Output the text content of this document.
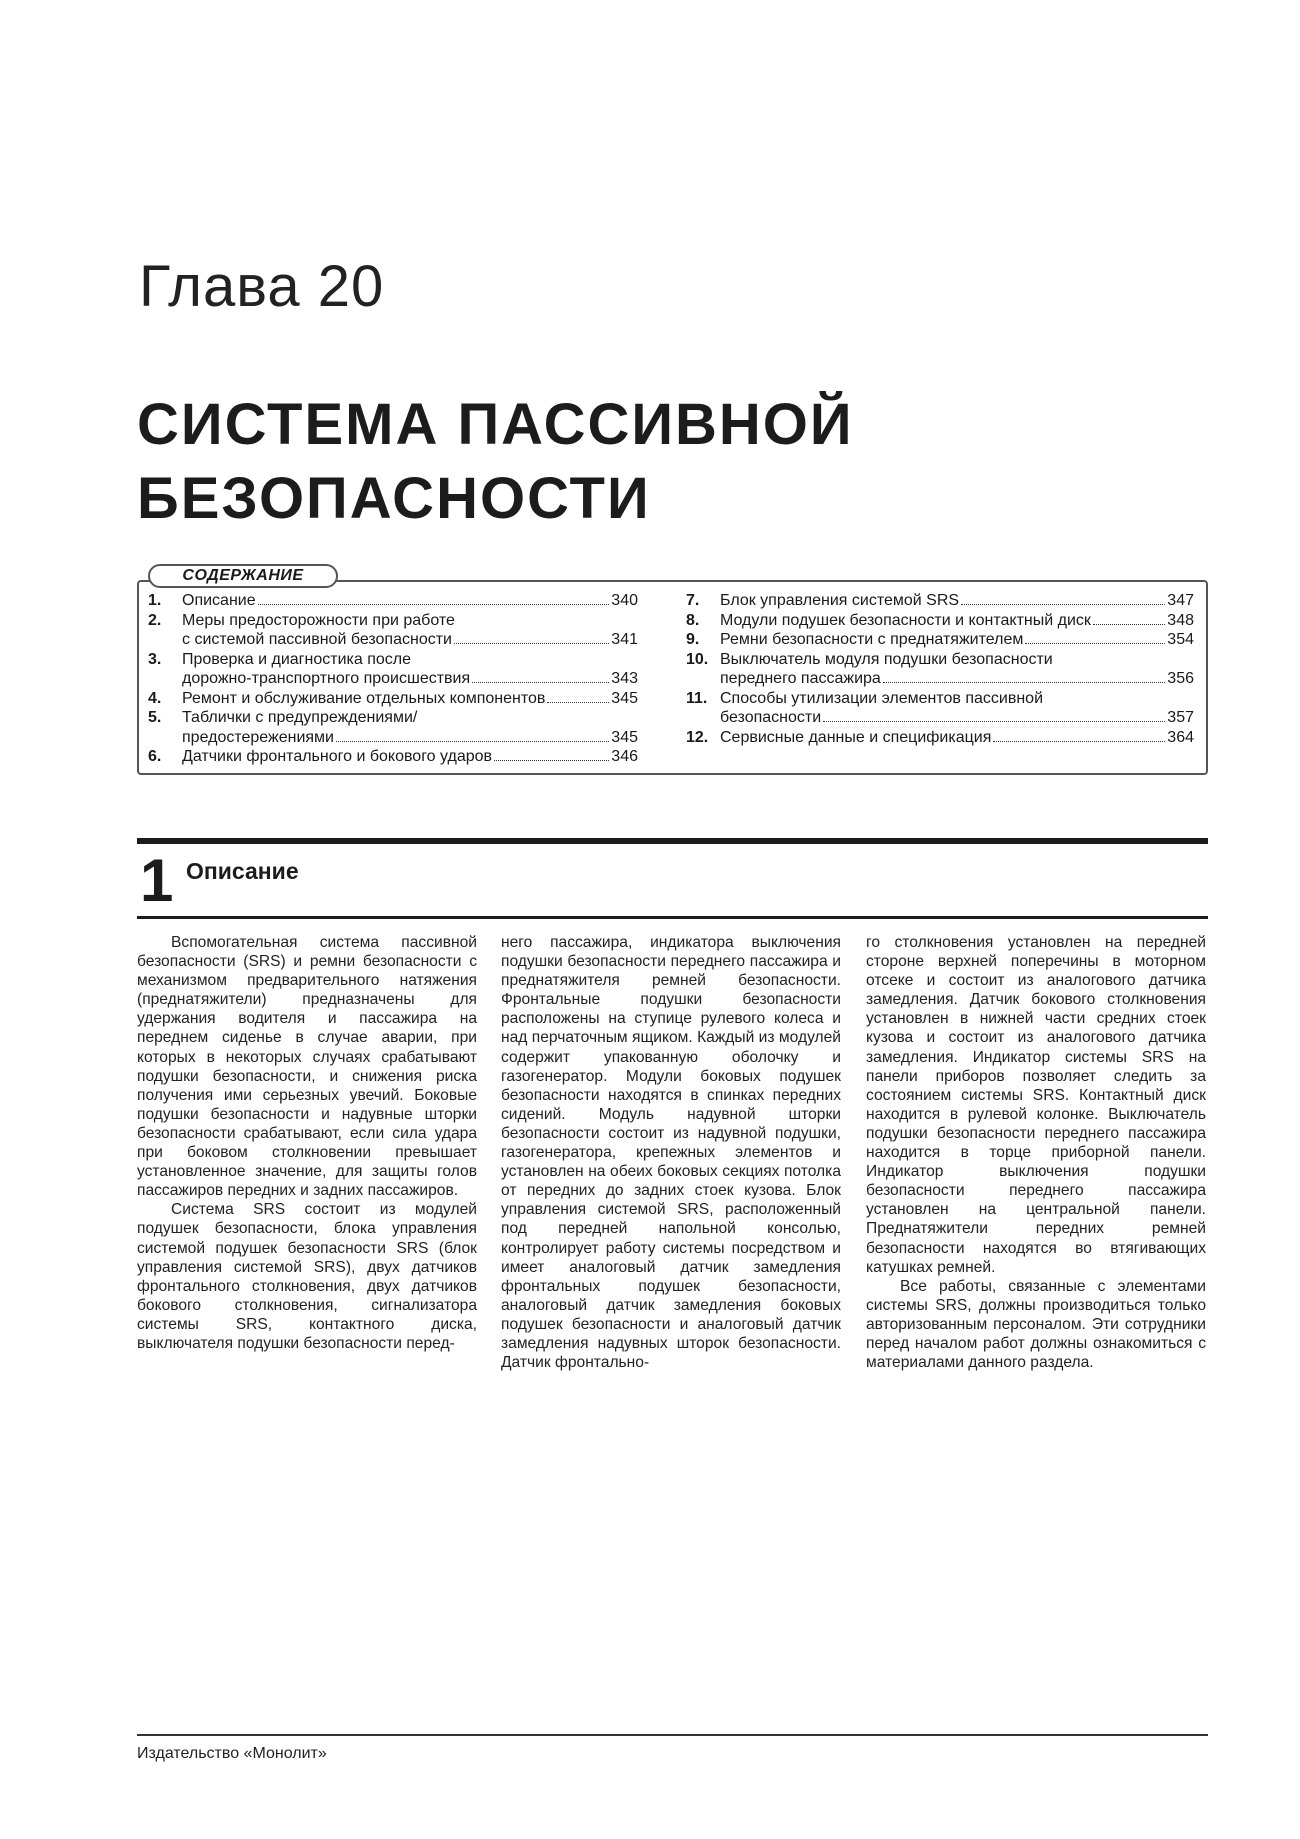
Глава 20
СИСТЕМА ПАССИВНОЙ
БЕЗОПАСНОСТИ
СОДЕРЖАНИЕ
1.	Описание	340
2.	Меры предосторожности при работе
с системой пассивной безопасности	341
3.	Проверка и диагностика после
дорожно-транспортного происшествия	343
4.	Ремонт и обслуживание отдельных компонентов	345
5.	Таблички с предупреждениями/
предостережениями	345
6.	Датчики фронтального и бокового ударов	346
7.	Блок управления системой SRS	347
8.	Модули подушек безопасности и контактный диск	348
9.	Ремни безопасности с преднатяжителем	354
10. Выключатель модуля подушки безопасности
переднего пассажира	356
11. Способы утилизации элементов пассивной
безопасности	357
12. Сервисные данные и спецификация	364
1 Описание

Вспомогательная система пассивной безопасности (SRS) и ремни безопасности с механизмом предварительного натяжения (преднатяжители) предназначены для удержания водителя и пассажира на переднем сиденье в случае аварии, при которых в некоторых случаях срабатывают подушки безопасности, и снижения риска получения ими серьезных увечий. Боковые подушки безопасности и надувные шторки безопасности срабатывают, если сила удара при боковом столкновении превышает установленное значение, для защиты голов пассажиров передних и задних пассажиров.

Система SRS состоит из модулей подушек безопасности, блока управления системой подушек безопасности SRS (блок управления системой SRS), двух датчиков фронтального столкновения, двух датчиков бокового столкновения, сигнализатора системы SRS, контактного диска, выключателя подушки безопасности перед-

него пассажира, индикатора выключения подушки безопасности переднего пассажира и преднатяжителя ремней безопасности. Фронтальные подушки безопасности расположены на ступице рулевого колеса и над перчаточным ящиком. Каждый из модулей содержит упакованную оболочку и газогенератор. Модули боковых подушек безопасности находятся в спинках передних сидений. Модуль надувной шторки безопасности состоит из надувной подушки, газогенератора, крепежных элементов и установлен на обеих боковых секциях потолка от передних до задних стоек кузова. Блок управления системой SRS, расположенный под передней напольной консолью, контролирует работу системы посредством и имеет аналоговый датчик замедления фронтальных подушек безопасности, аналоговый датчик замедления боковых подушек безопасности и аналоговый датчик замедления надувных шторок безопасности. Датчик фронтально-

го столкновения установлен на передней стороне верхней поперечины в моторном отсеке и состоит из аналогового датчика замедления. Датчик бокового столкновения установлен в нижней части средних стоек кузова и состоит из аналогового датчика замедления. Индикатор системы SRS на панели приборов позволяет следить за состоянием системы SRS. Контактный диск находится в рулевой колонке. Выключатель подушки безопасности переднего пассажира находится в торце приборной панели. Индикатор выключения подушки безопасности переднего пассажира установлен на центральной панели. Преднатяжители передних ремней безопасности находятся во втягивающих катушках ремней.

Все работы, связанные с элементами системы SRS, должны производиться только авторизованным персоналом. Эти сотрудники перед началом работ должны ознакомиться с материалами данного раздела.

Издательство «Монолит»
